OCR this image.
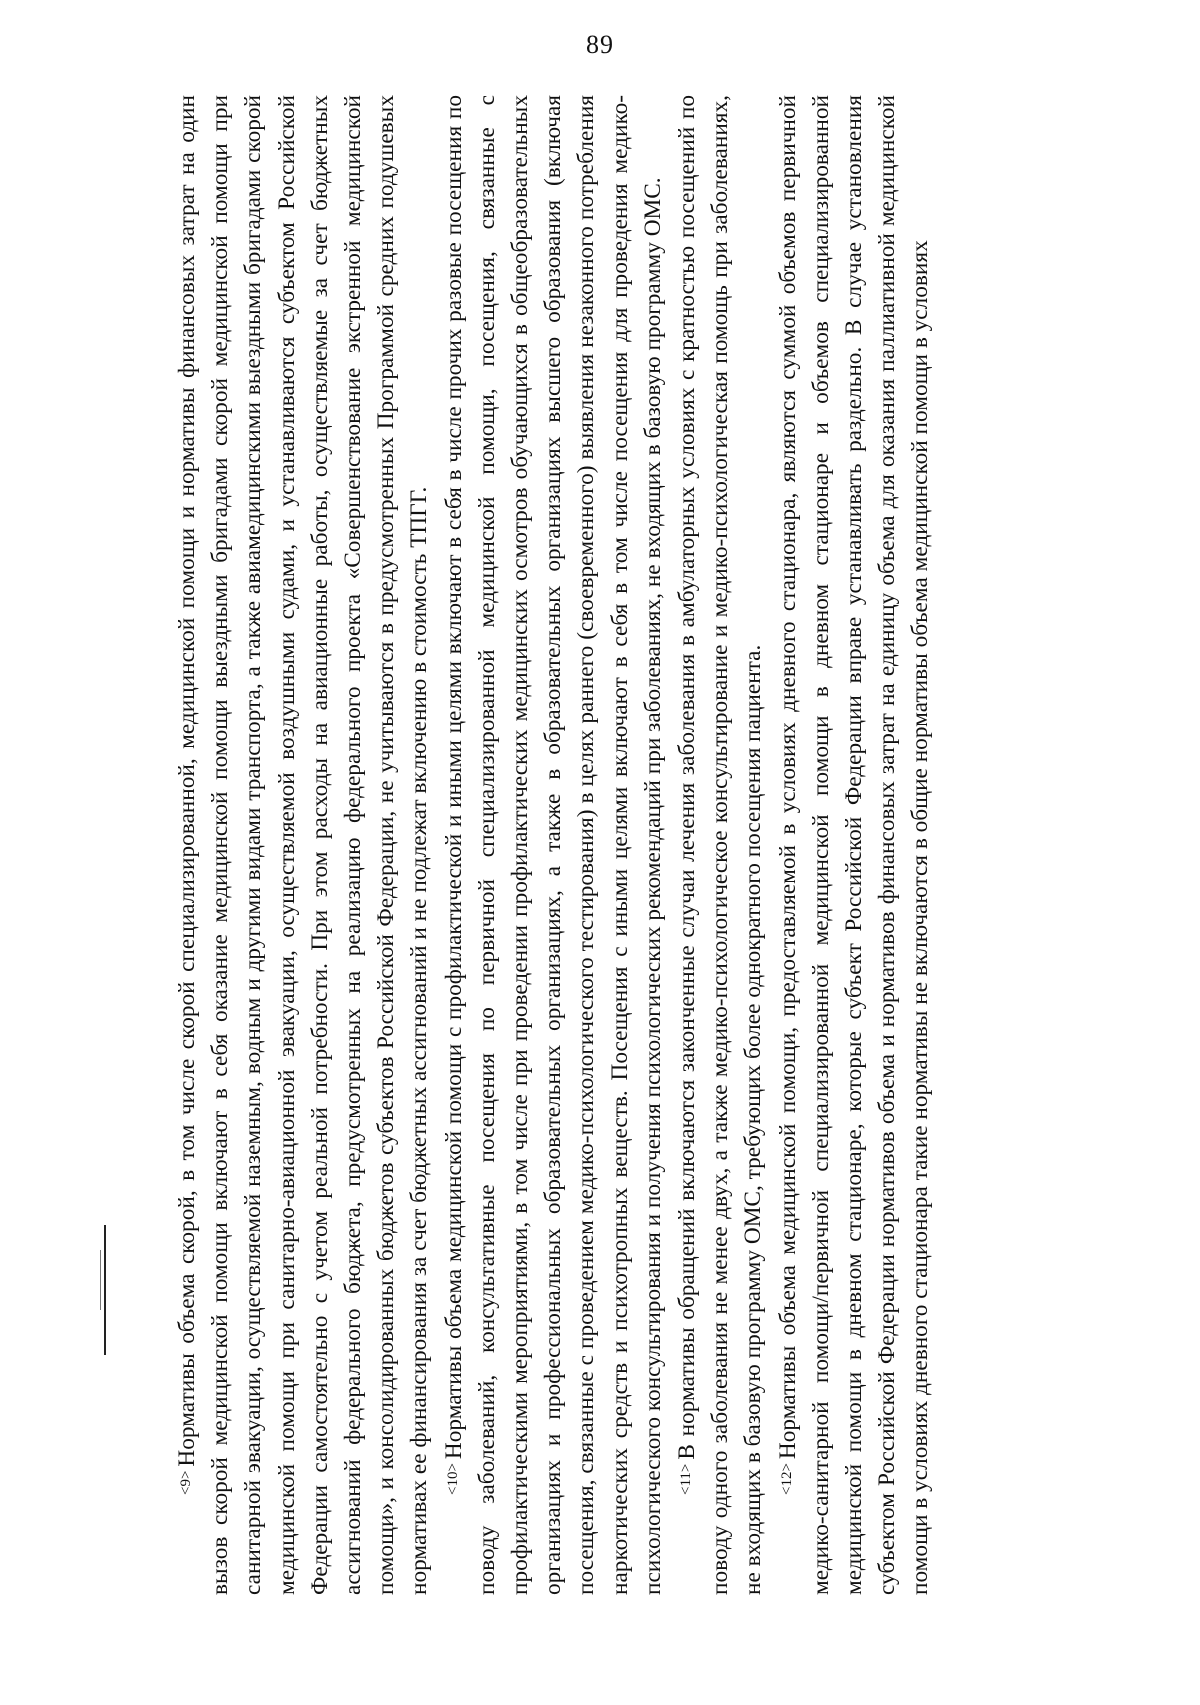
89

<9>Нормативы объема скорой, в том числе скорой специализированной, медицинской помощи и нормативы финансовых затрат на один вызов скорой медицинской помощи включают в себя оказание медицинской помощи выездными бригадами скорой медицинской помощи при санитарной эвакуации, осуществляемой наземным, водным и другими видами транспорта, а также авиамедицинскими выездными бригадами скорой медицинской помощи при санитарно-авиационной эвакуации, осуществляемой воздушными судами, и устанавливаются субъектом Российской Федерации самостоятельно с учетом реальной потребности. При этом расходы на авиационные работы, осуществляемые за счет бюджетных ассигнований федерального бюджета, предусмотренных на реализацию федерального проекта «Совершенствование экстренной медицинской помощи», и консолидированных бюджетов субъектов Российской Федерации, не учитываются в предусмотренных Программой средних подушевых нормативах ее финансирования за счет бюджетных ассигнований и не подлежат включению в стоимость ТПГГ. <10>Нормативы объема медицинской помощи с профилактической и иными целями включают в себя в числе прочих разовые посещения по поводу заболеваний, консультативные посещения по первичной специализированной медицинской помощи, посещения, связанные с профилактическими мероприятиями, в том числе при проведении профилактических медицинских осмотров обучающихся в общеобразовательных организациях и профессиональных образовательных организациях, а также в образовательных организациях высшего образования (включая посещения, связанные с проведением медико-психологического тестирования) в целях раннего (своевременного) выявления незаконного потребления наркотических средств и психотропных веществ. Посещения с иными целями включают в себя в том числе посещения для проведения медико-психологического консультирования и получения психологических рекомендаций при заболеваниях, не входящих в базовую программу ОМС. <11>В нормативы обращений включаются законченные случаи лечения заболевания в амбулаторных условиях с кратностью посещений по поводу одного заболевания не менее двух, а также медико-психологическое консультирование и медико-психологическая помощь при заболеваниях, не входящих в базовую программу ОМС, требующих более однократного посещения пациента. <12>Нормативы объема медицинской помощи, предоставляемой в условиях дневного стационара, являются суммой объемов первичной медико-санитарной помощи/первичной специализированной медицинской помощи в дневном стационаре и объемов специализированной медицинской помощи в дневном стационаре, которые субъект Российской Федерации вправе устанавливать раздельно. В случае установления субъектом Российской Федерации нормативов объема и нормативов финансовых затрат на единицу объема для оказания паллиативной медицинской помощи в условиях дневного стационара такие нормативы не включаются в общие нормативы объема медицинской помощи в условиях
